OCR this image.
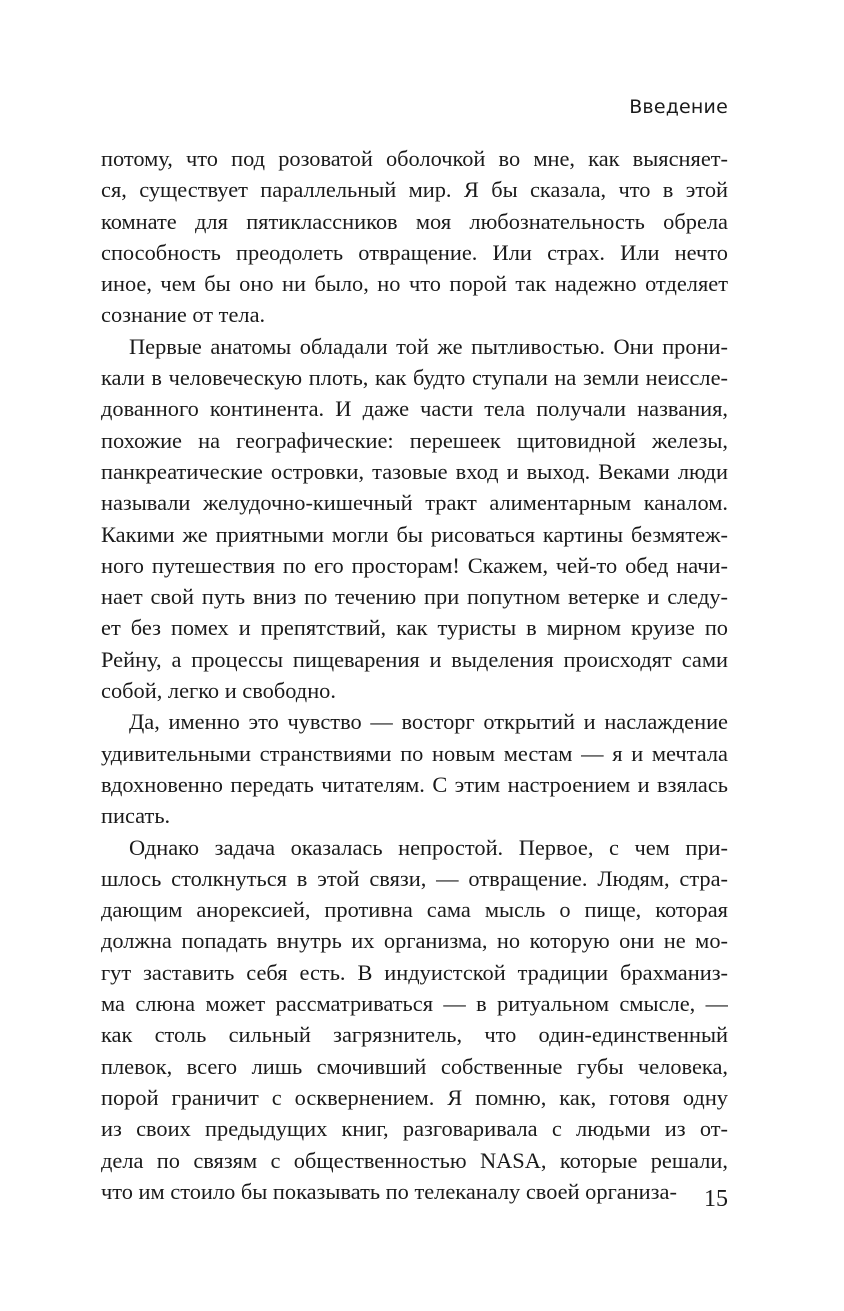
Введение
потому, что под розоватой оболочкой во мне, как выясняет-
ся, существует параллельный мир. Я бы сказала, что в этой
комнате для пятиклассников моя любознательность обрела
способность преодолеть отвращение. Или страх. Или нечто
иное, чем бы оно ни было, но что порой так надежно отделяет
сознание от тела.
Первые анатомы обладали той же пытливостью. Они прони-
кали в человеческую плоть, как будто ступали на земли неиссле-
дованного континента. И даже части тела получали названия,
похожие на географические: перешеек щитовидной железы,
панкреатические островки, тазовые вход и выход. Веками люди
называли желудочно-кишечный тракт алиментарным каналом.
Какими же приятными могли бы рисоваться картины безмятеж-
ного путешествия по его просторам! Скажем, чей-то обед начи-
нает свой путь вниз по течению при попутном ветерке и следу-
ет без помех и препятствий, как туристы в мирном круизе по
Рейну, а процессы пищеварения и выделения происходят сами
собой, легко и свободно.
Да, именно это чувство — восторг открытий и наслаждение
удивительными странствиями по новым местам — я и мечтала
вдохновенно передать читателям. С этим настроением и взялась
писать.
Однако задача оказалась непростой. Первое, с чем при-
шлось столкнуться в этой связи, — отвращение. Людям, стра-
дающим анорексией, противна сама мысль о пище, которая
должна попадать внутрь их организма, но которую они не мо-
гут заставить себя есть. В индуистской традиции брахманиз-
ма слюна может рассматриваться — в ритуальном смысле, —
как столь сильный загрязнитель, что один-единственный
плевок, всего лишь смочивший собственные губы человека,
порой граничит с осквернением. Я помню, как, готовя одну
из своих предыдущих книг, разговаривала с людьми из от-
дела по связям с общественностью NASA, которые решали,
что им стоило бы показывать по телеканалу своей организа-	15
